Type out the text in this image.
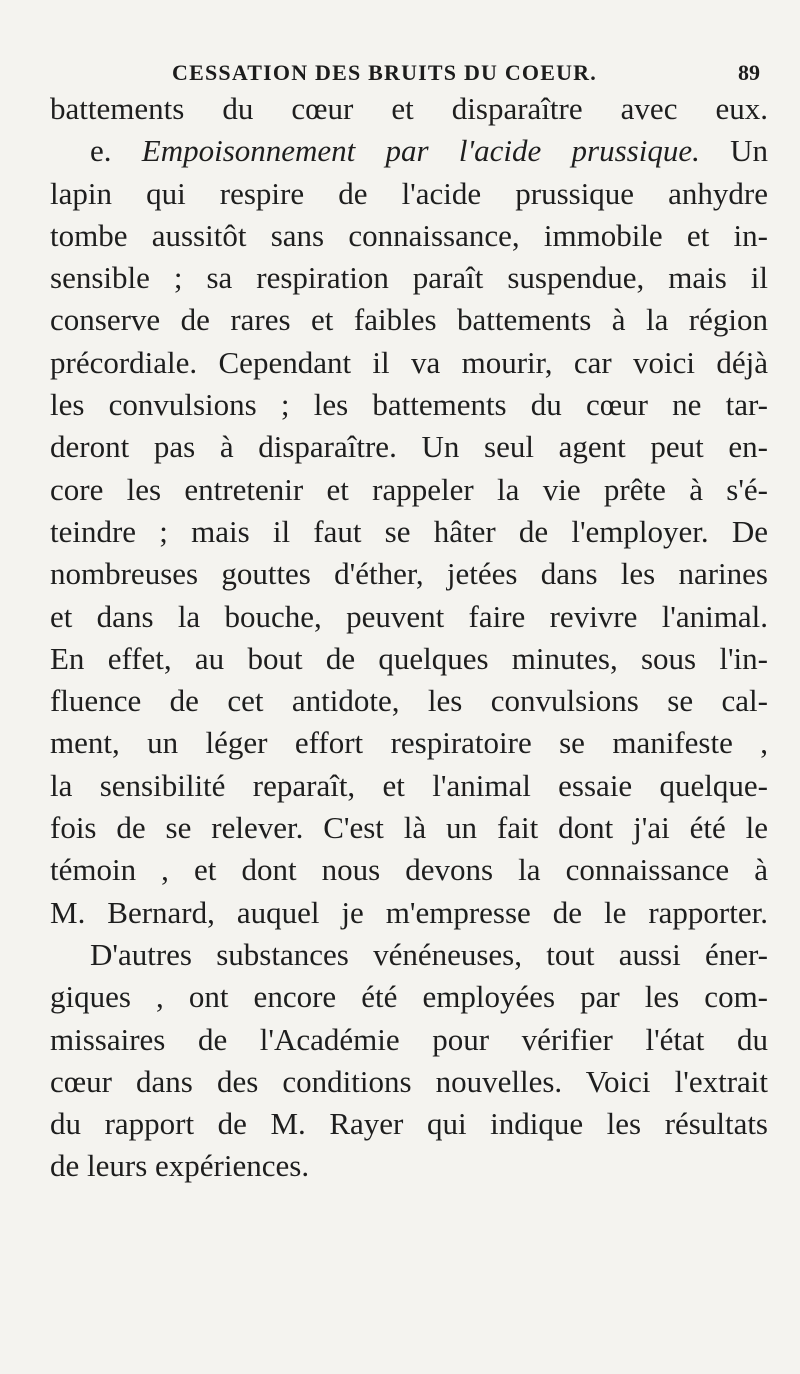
CESSATION DES BRUITS DU COEUR.	89
battements du cœur et disparaître avec eux.
e. Empoisonnement par l'acide prussique. Un
lapin qui respire de l'acide prussique anhydre
tombe aussitôt sans connaissance, immobile et in-
sensible ; sa respiration paraît suspendue, mais il
conserve de rares et faibles battements à la région
précordiale. Cependant il va mourir, car voici déjà
les convulsions ; les battements du cœur ne tar-
deront pas à disparaître. Un seul agent peut en-
core les entretenir et rappeler la vie prête à s'é-
teindre ; mais il faut se hâter de l'employer. De
nombreuses gouttes d'éther, jetées dans les narines
et dans la bouche, peuvent faire revivre l'animal.
En effet, au bout de quelques minutes, sous l'in-
fluence de cet antidote, les convulsions se cal-
ment, un léger effort respiratoire se manifeste ,
la sensibilité reparaît, et l'animal essaie quelque-
fois de se relever. C'est là un fait dont j'ai été le
témoin , et dont nous devons la connaissance à
M. Bernard, auquel je m'empresse de le rapporter.
D'autres substances vénéneuses, tout aussi éner-
giques , ont encore été employées par les com-
missaires de l'Académie pour vérifier l'état du
cœur dans des conditions nouvelles. Voici l'extrait
du rapport de M. Rayer qui indique les résultats
de leurs expériences.
